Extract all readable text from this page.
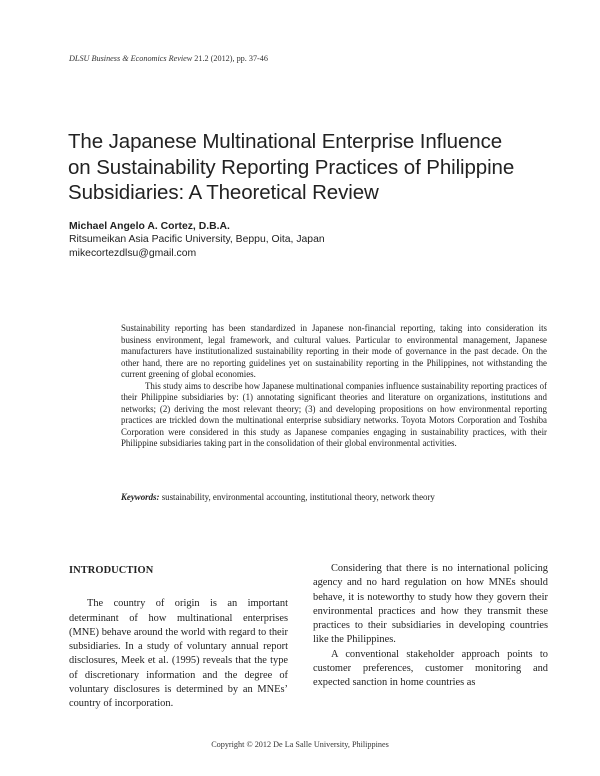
DLSU Business & Economics Review 21.2 (2012), pp. 37-46
The Japanese Multinational Enterprise Influence
on Sustainability Reporting Practices of Philippine
Subsidiaries: A Theoretical Review
Michael Angelo A. Cortez, D.B.A.
Ritsumeikan Asia Pacific University, Beppu, Oita, Japan
mikecortezdlsu@gmail.com

Sustainability reporting has been standardized in Japanese non-financial reporting, taking into consideration its business environment, legal framework, and cultural values. Particular to environmental management, Japanese manufacturers have institutionalized sustainability reporting in their mode of governance in the past decade. On the other hand, there are no reporting guidelines yet on sustainability reporting in the Philippines, not withstanding the current greening of global economies.

This study aims to describe how Japanese multinational companies influence sustainability reporting practices of their Philippine subsidiaries by: (1) annotating significant theories and literature on organizations, institutions and networks; (2) deriving the most relevant theory; (3) and developing propositions on how environmental reporting practices are trickled down the multinational enterprise subsidiary networks. Toyota Motors Corporation and Toshiba Corporation were considered in this study as Japanese companies engaging in sustainability practices, with their Philippine subsidiaries taking part in the consolidation of their global environmental activities.

Keywords: sustainability, environmental accounting, institutional theory, network theory
INTRODUCTION

The country of origin is an important determinant of how multinational enterprises (MNE) behave around the world with regard to their subsidiaries. In a study of voluntary annual report disclosures, Meek et al. (1995) reveals that the type of discretionary information and the degree of voluntary disclosures is determined by an MNEs’ country of incorporation.

Considering that there is no international policing agency and no hard regulation on how MNEs should behave, it is noteworthy to study how they govern their environmental practices and how they transmit these practices to their subsidiaries in developing countries like the Philippines.

A conventional stakeholder approach points to customer preferences, customer monitoring and expected sanction in home countries as

Copyright © 2012 De La Salle University, Philippines
